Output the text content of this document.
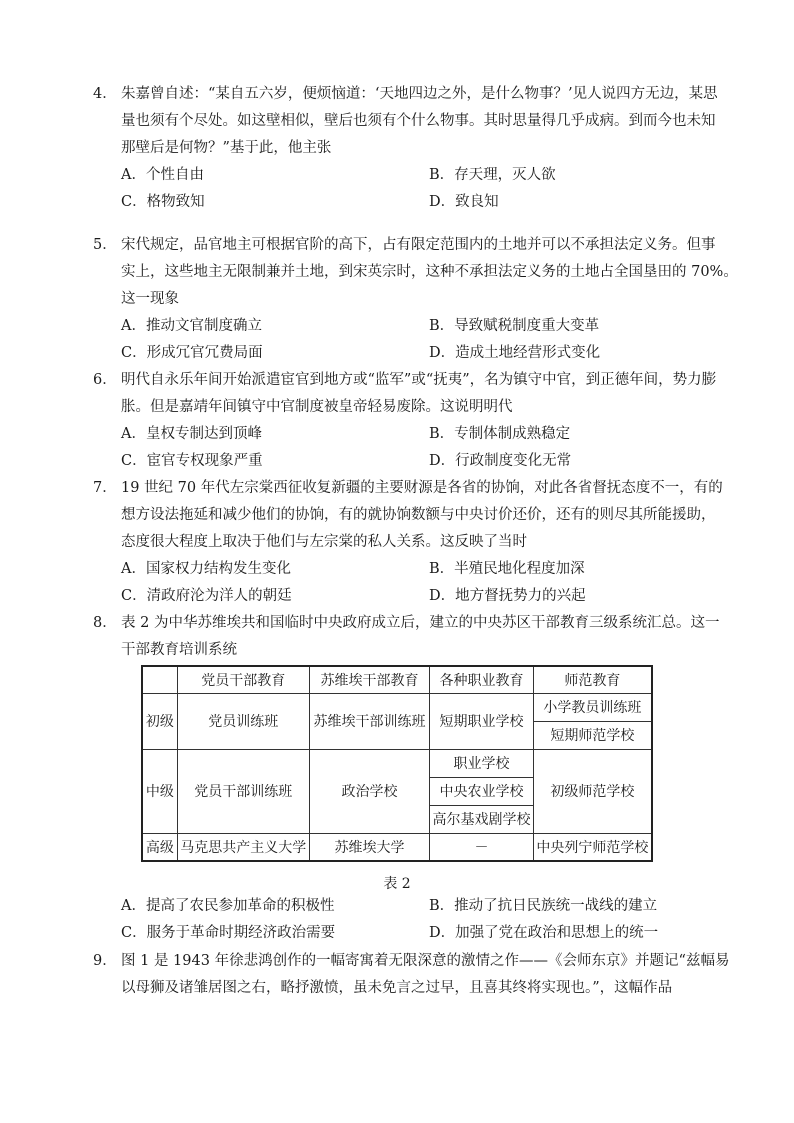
4． 朱嘉曾自述：“某自五六岁，便烦恼道：‘天地四边之外，是什么物事？’见人说四方无边，某思
量也须有个尽处。如这壁相似，壁后也须有个什么物事。其时思量得几乎成病。到而今也未知
那壁后是何物？”基于此，他主张
A．个性自由	B．存天理，灭人欲
C．格物致知	D．致良知
5． 宋代规定，品官地主可根据官阶的高下，占有限定范围内的土地并可以不承担法定义务。但事
实上，这些地主无限制兼并土地，到宋英宗时，这种不承担法定义务的土地占全国垦田的 70%。
这一现象
A．推动文官制度确立	B．导致赋税制度重大变革
C．形成冗官冗费局面	D．造成土地经营形式变化
6． 明代自永乐年间开始派遣宦官到地方或“监军”或“抚夷”，名为镇守中官，到正德年间，势力膨
胀。但是嘉靖年间镇守中官制度被皇帝轻易废除。这说明明代
A．皇权专制达到顶峰	B．专制体制成熟稳定
C．宦官专权现象严重	D．行政制度变化无常
7． 19 世纪 70 年代左宗棠西征收复新疆的主要财源是各省的协饷，对此各省督抚态度不一，有的
想方设法拖延和减少他们的协饷，有的就协饷数额与中央讨价还价，还有的则尽其所能援助，
态度很大程度上取决于他们与左宗棠的私人关系。这反映了当时
A．国家权力结构发生变化	B．半殖民地化程度加深
C．清政府沦为洋人的朝廷	D．地方督抚势力的兴起
8． 表 2 为中华苏维埃共和国临时中央政府成立后，建立的中央苏区干部教育三级系统汇总。这一
干部教育培训系统
	党员干部教育	苏维埃干部教育	各种职业教育	师范教育
初级	党员训练班	苏维埃干部训练班	短期职业学校	小学教员训练班
				短期师范学校
中级	党员干部训练班	政治学校	职业学校	初级师范学校
			中央农业学校	
			高尔基戏剧学校	
高级	马克思共产主义大学	苏维埃大学	－	中央列宁师范学校
表 2
A．提高了农民参加革命的积极性	B．推动了抗日民族统一战线的建立
C．服务于革命时期经济政治需要	D．加强了党在政治和思想上的统一
9． 图 1 是 1943 年徐悲鸿创作的一幅寄寓着无限深意的激情之作——《会师东京》并题记“兹幅易
以母狮及诸雏居图之右，略抒激愤，虽未免言之过早，且喜其终将实现也。”，这幅作品
